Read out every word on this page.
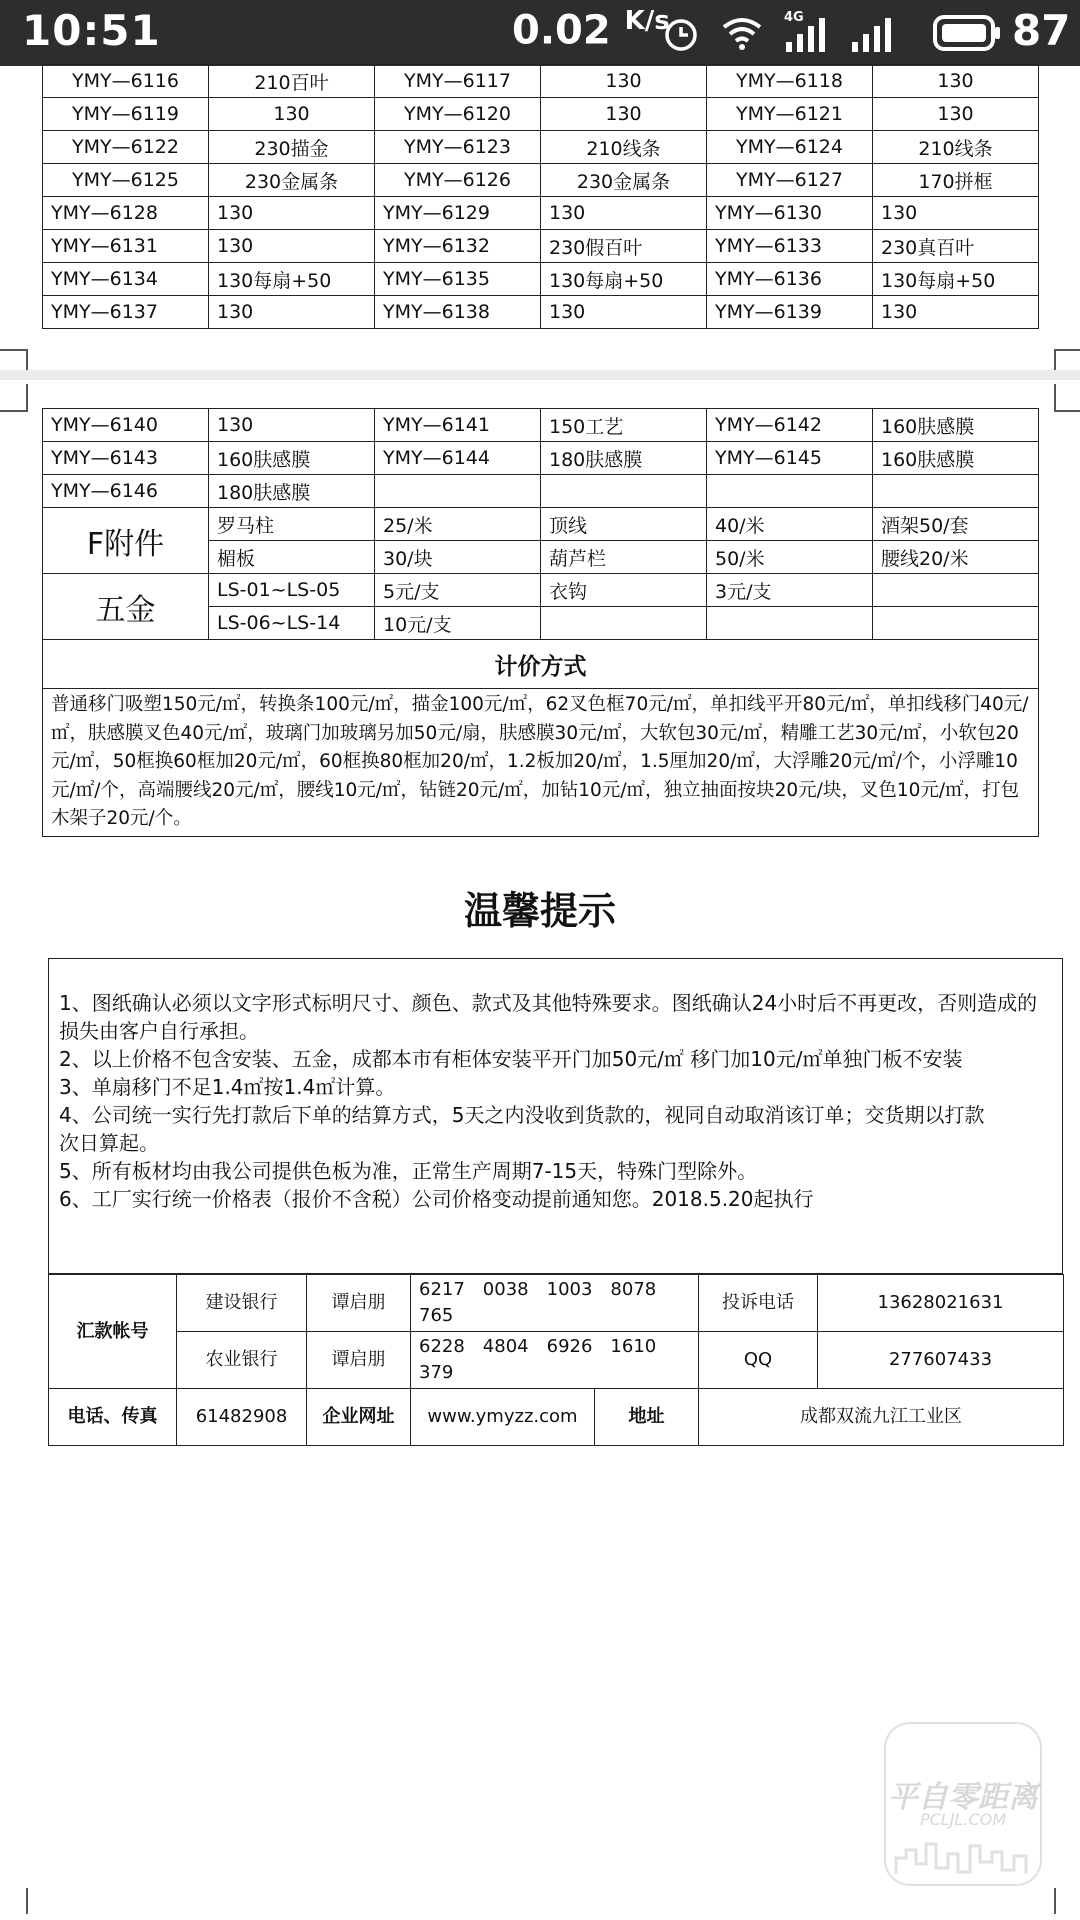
10:51	0.02 $^{K/s}$	4G	87
YMY—6116	210百叶	YMY—6117	130	YMY—6118	130
YMY—6119	130	YMY—6120	130	YMY—6121	130
YMY—6122	230描金	YMY—6123	210线条	YMY—6124	210线条
YMY—6125	230金属条	YMY—6126	230金属条	YMY—6127	170拼框
YMY—6128	130	YMY—6129	130	YMY—6130	130
YMY—6131	130	YMY—6132	230假百叶	YMY—6133	230真百叶
YMY—6134	130每扇+50	YMY—6135	130每扇+50	YMY—6136	130每扇+50
YMY—6137	130	YMY—6138	130	YMY—6139	130
YMY—6140	130	YMY—6141	150工艺	YMY—6142	160肤感膜
YMY—6143	160肤感膜	YMY—6144	180肤感膜	YMY—6145	160肤感膜
YMY—6146	180肤感膜				
F附件	罗马柱	25/米	顶线	40/米	酒架50/套
	楣板	30/块	葫芦栏	50/米	腰线20/米
五金	LS-01~LS-05	5元/支	衣钩	3元/支	
	LS-06~LS-14	10元/支			
计价方式					
普通移门吸塑150元/㎡，转换条100元/㎡，描金100元/㎡，62叉色框70元/㎡，单扣线平开80元/㎡，单扣线移门40元/㎡，肤感膜叉色40元/㎡，玻璃门加玻璃另加50元/扇，肤感膜30元/㎡，大软包30元/㎡，精雕工艺30元/㎡，小软包20元/㎡，50框换60框加20元/㎡，60框换80框加20/㎡，1.2板加20/㎡，1.5厘加20/㎡，大浮雕20元/㎡/个，小浮雕10元/㎡/个，高端腰线20元/㎡，腰线10元/㎡，钻链20元/㎡，加钻10元/㎡，独立抽面按块20元/块，叉色10元/㎡，打包木架子20元/个。					
温馨提示
1、图纸确认必须以文字形式标明尺寸、颜色、款式及其他特殊要求。图纸确认24小时后不再更改，否则造成的损失由客户自行承担。
2、以上价格不包含安装、五金，成都本市有柜体安装平开门加50元/㎡ 移门加10元/㎡单独门板不安装
3、单扇移门不足1.4㎡按1.4㎡计算。
4、公司统一实行先打款后下单的结算方式，5天之内没收到货款的，视同自动取消该订单；交货期以打款
次日算起。
5、所有板材均由我公司提供色板为准，正常生产周期7-15天，特殊门型除外。
6、工厂实行统一价格表（报价不含税）公司价格变动提前通知您。2018.5.20起执行
汇款帐号	建设银行	谭启朋	6217　0038　1003　8078　765		投诉电话	13628021631
	农业银行	谭启朋	6228　4804　6926　1610　379		QQ	277607433
电话、传真	61482908	企业网址	www.ymyzz.com	地址	成都双流九江工业区	
平自零距离
PCLJL.COM
